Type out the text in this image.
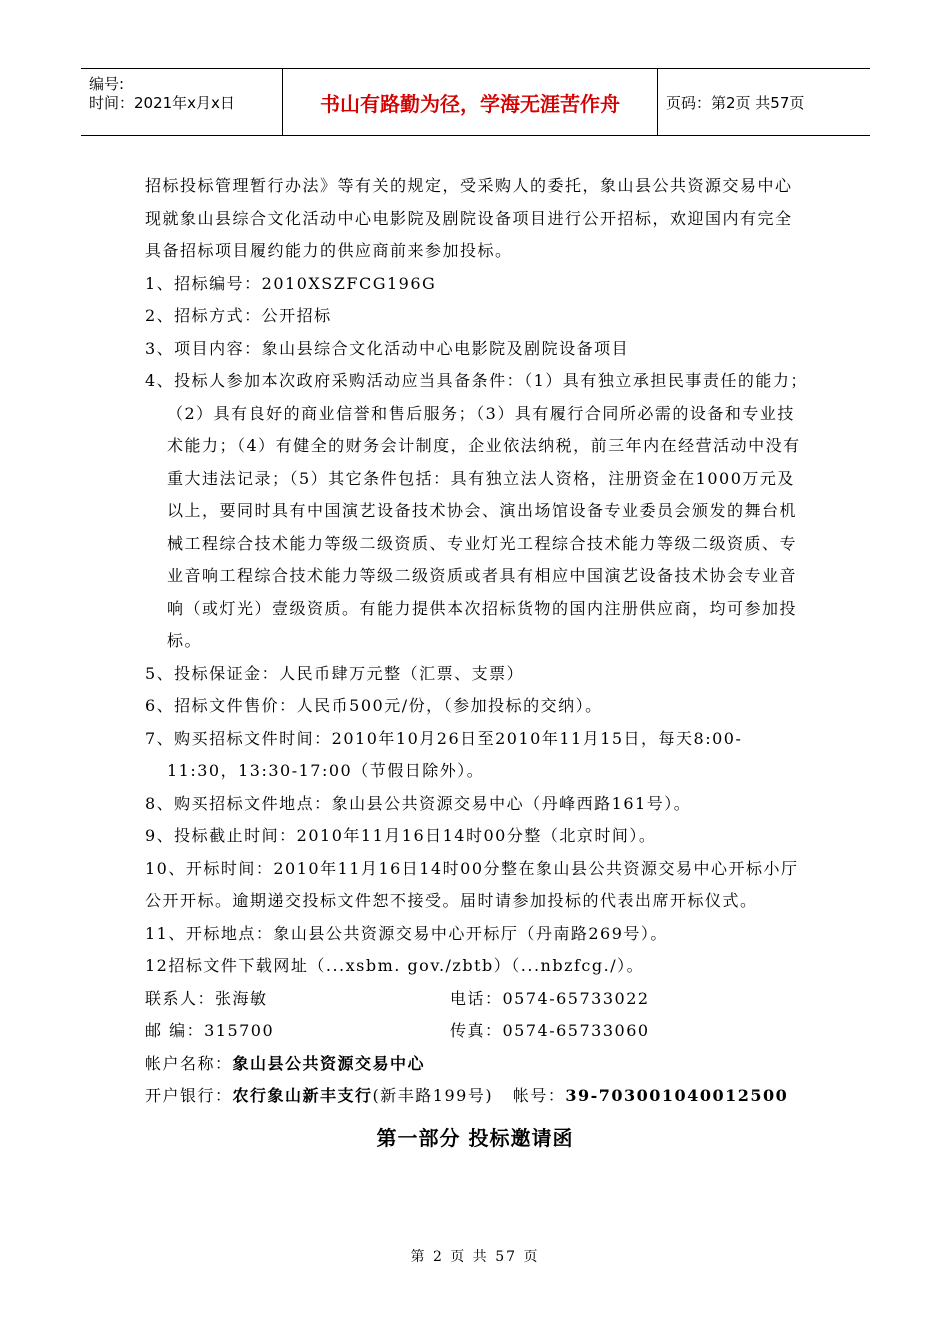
编号:
时间：2021年x月x日	书山有路勤为径，学海无涯苦作舟	页码：第2页 共57页
招标投标管理暂行办法》等有关的规定，受采购人的委托，象山县公共资源交易中心现就象山县综合文化活动中心电影院及剧院设备项目进行公开招标，欢迎国内有完全具备招标项目履约能力的供应商前来参加投标。
1、招标编号：2010XSZFCG196G
2、招标方式：公开招标
3、项目内容：象山县综合文化活动中心电影院及剧院设备项目
4、投标人参加本次政府采购活动应当具备条件：（1）具有独立承担民事责任的能力；（2）具有良好的商业信誉和售后服务；（3）具有履行合同所必需的设备和专业技术能力；（4）有健全的财务会计制度，企业依法纳税，前三年内在经营活动中没有重大违法记录；（5）其它条件包括：具有独立法人资格，注册资金在1000万元及以上，要同时具有中国演艺设备技术协会、演出场馆设备专业委员会颁发的舞台机械工程综合技术能力等级二级资质、专业灯光工程综合技术能力等级二级资质、专业音响工程综合技术能力等级二级资质或者具有相应中国演艺设备技术协会专业音响（或灯光）壹级资质。有能力提供本次招标货物的国内注册供应商，均可参加投标。
5、投标保证金：人民币肆万元整（汇票、支票）
6、招标文件售价：人民币500元/份，（参加投标的交纳）。
7、购买招标文件时间：2010年10月26日至2010年11月15日，每天8:00-11:30，13:30-17:00（节假日除外）。
8、购买招标文件地点：象山县公共资源交易中心（丹峰西路161号）。
9、投标截止时间：2010年11月16日14时00分整（北京时间）。
10、开标时间：2010年11月16日14时00分整在象山县公共资源交易中心开标小厅公开开标。逾期递交投标文件恕不接受。届时请参加投标的代表出席开标仪式。
11、开标地点：象山县公共资源交易中心开标厅（丹南路269号）。
12招标文件下载网址（...xsbm. gov./zbtb）（...nbzfcg./）。
联系人：张海敏	电话：0574-65733022
邮 编：315700	传真：0574-65733060
帐户名称：象山县公共资源交易中心
开户银行：农行象山新丰支行(新丰路199号) 帐号：39-703001040012500
第一部分 投标邀请函
第 2 页 共 57 页
